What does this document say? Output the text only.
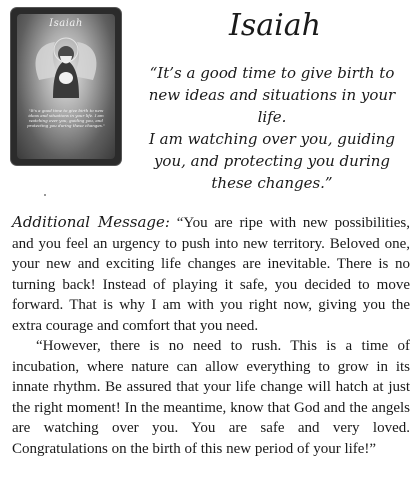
Isaiah
"It's a good time to give birth to new ideas and situations in your life. I am watching over you, guiding you, and protecting you during these changes."
Isaiah
“It’s a good time to give birth to
new ideas and situations in your life.
I am watching over you, guiding
you, and protecting you during
these changes.”

Additional Message: “You are ripe with new possibilities, and you feel an urgency to push into new territory. Beloved one, your new and exciting life changes are inevitable. There is no turning back! Instead of playing it safe, you decided to move forward. That is why I am with you right now, giving you the extra courage and comfort that you need.

“However, there is no need to rush. This is a time of incubation, where nature can allow everything to grow in its innate rhythm. Be assured that your life change will hatch at just the right moment! In the meantime, know that God and the angels are watching over you. You are safe and very loved. Congratulations on the birth of this new period of your life!”
